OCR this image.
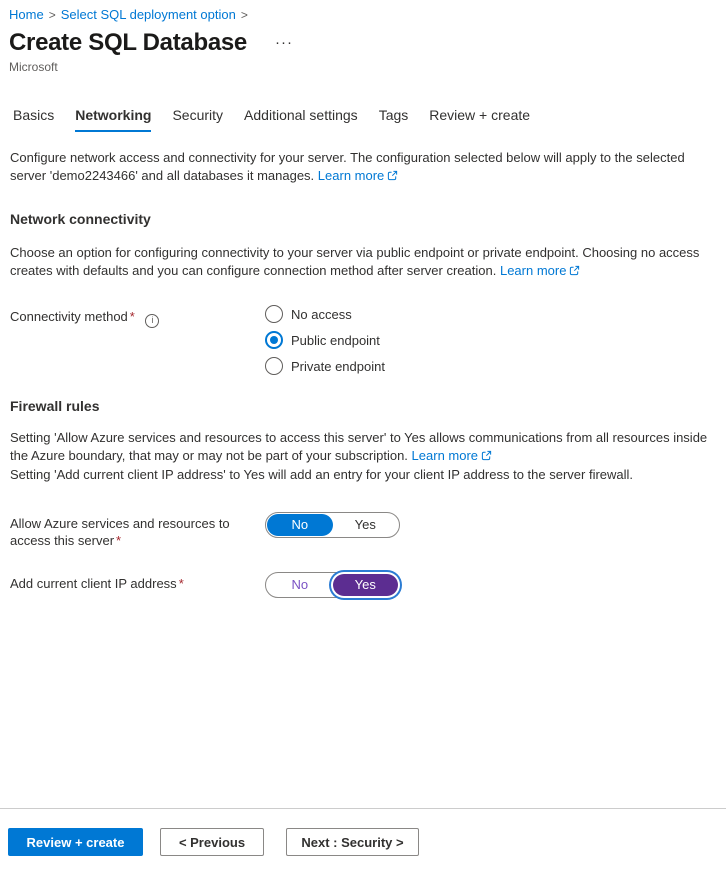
Home > Select SQL deployment option >
Create SQL Database ···
Microsoft
Basics Networking Security Additional settings Tags Review + create

Configure network access and connectivity for your server. The configuration selected below will apply to the selected server 'demo2243466' and all databases it manages. Learn more

Network connectivity

Choose an option for configuring connectivity to your server via public endpoint or private endpoint. Choosing no access creates with defaults and you can configure connection method after server creation. Learn more

Connectivity method * i	No access
Public endpoint
Private endpoint
Firewall rules

Setting 'Allow Azure services and resources to access this server' to Yes allows communications from all resources inside the Azure boundary, that may or may not be part of your subscription. Learn more
Setting 'Add current client IP address' to Yes will add an entry for your client IP address to the server firewall.

Allow Azure services and resources to access this server *
No	Yes
Add current client IP address *	No	Yes
Review + create	< Previous	Next : Security >
